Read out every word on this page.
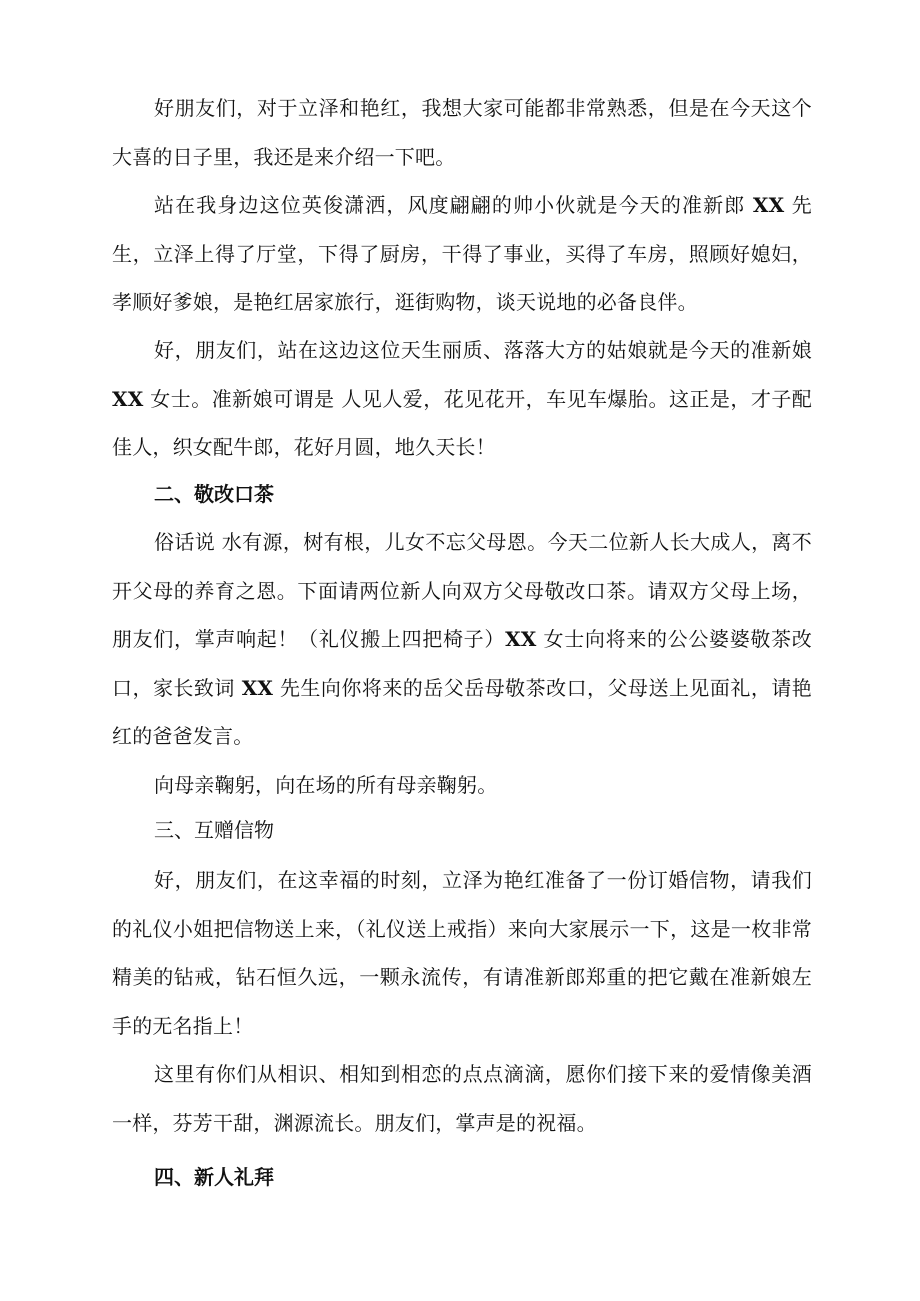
好朋友们，对于立泽和艳红，我想大家可能都非常熟悉，但是在今天这个大喜的日子里，我还是来介绍一下吧。

站在我身边这位英俊潇洒，风度翩翩的帅小伙就是今天的准新郎 XX 先生，立泽上得了厅堂，下得了厨房，干得了事业，买得了车房，照顾好媳妇，孝顺好爹娘，是艳红居家旅行，逛街购物，谈天说地的必备良伴。

好，朋友们，站在这边这位天生丽质、落落大方的姑娘就是今天的准新娘 XX 女士。准新娘可谓是 人见人爱，花见花开，车见车爆胎。这正是，才子配佳人，织女配牛郎，花好月圆，地久天长！

二、敬改口茶

俗话说 水有源，树有根，儿女不忘父母恩。今天二位新人长大成人，离不开父母的养育之恩。下面请两位新人向双方父母敬改口茶。请双方父母上场，朋友们，掌声响起！（礼仪搬上四把椅子）XX 女士向将来的公公婆婆敬茶改口，家长致词 XX 先生向你将来的岳父岳母敬茶改口，父母送上见面礼，请艳红的爸爸发言。

向母亲鞠躬，向在场的所有母亲鞠躬。

三、互赠信物

好，朋友们，在这幸福的时刻，立泽为艳红准备了一份订婚信物，请我们的礼仪小姐把信物送上来，（礼仪送上戒指）来向大家展示一下，这是一枚非常精美的钻戒，钻石恒久远，一颗永流传，有请准新郎郑重的把它戴在准新娘左手的无名指上！

这里有你们从相识、相知到相恋的点点滴滴，愿你们接下来的爱情像美酒一样，芬芳干甜，渊源流长。朋友们，掌声是的祝福。

四、新人礼拜
